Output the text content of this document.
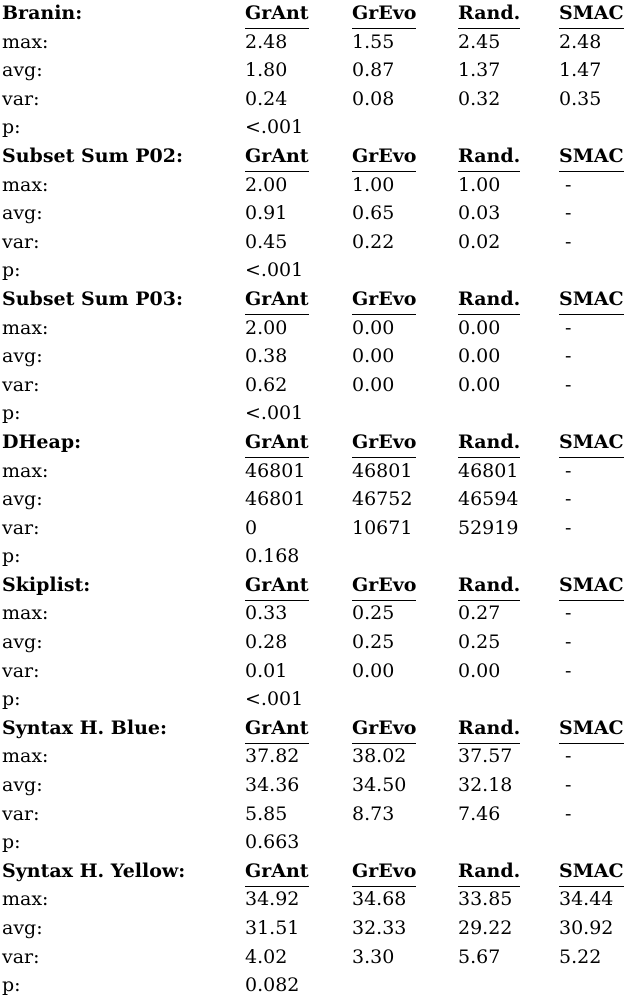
Branin:	GrAnt GrEvo Rand. SMAC
max:	2.48	1.55	2.45	2.48
avg:	1.80	0.87	1.37	1.47
var:	0.24	0.08	0.32	0.35
p:	<.001
Subset Sum P02:	GrAnt GrEvo Rand. SMAC
max:	2.00	1.00	1.00	-
avg:	0.91	0.65	0.03	-
var:	0.45	0.22	0.02	-
p:	<.001
Subset Sum P03:	GrAnt GrEvo Rand. SMAC
max:	2.00	0.00	0.00	-
avg:	0.38	0.00	0.00	-
var:	0.62	0.00	0.00	-
p:	<.001
DHeap:	GrAnt GrEvo Rand. SMAC
max:	46801 46801 46801	-
avg:	46801 46752 46594	-
var:	0	10671 52919	-
p:	0.168
Skiplist:	GrAnt GrEvo Rand. SMAC
max:	0.33	0.25	0.27	-
avg:	0.28	0.25	0.25	-
var:	0.01	0.00	0.00	-
p:	<.001
Syntax H. Blue:	GrAnt GrEvo Rand. SMAC
max:	37.82	38.02	37.57	-
avg:	34.36	34.50	32.18	-
var:	5.85	8.73	7.46	-
p:	0.663
Syntax H. Yellow:	GrAnt GrEvo Rand. SMAC
max:	34.92	34.68	33.85 34.44
avg:	31.51	32.33	29.22 30.92
var:	4.02	3.30	5.67	5.22
p:	0.082
